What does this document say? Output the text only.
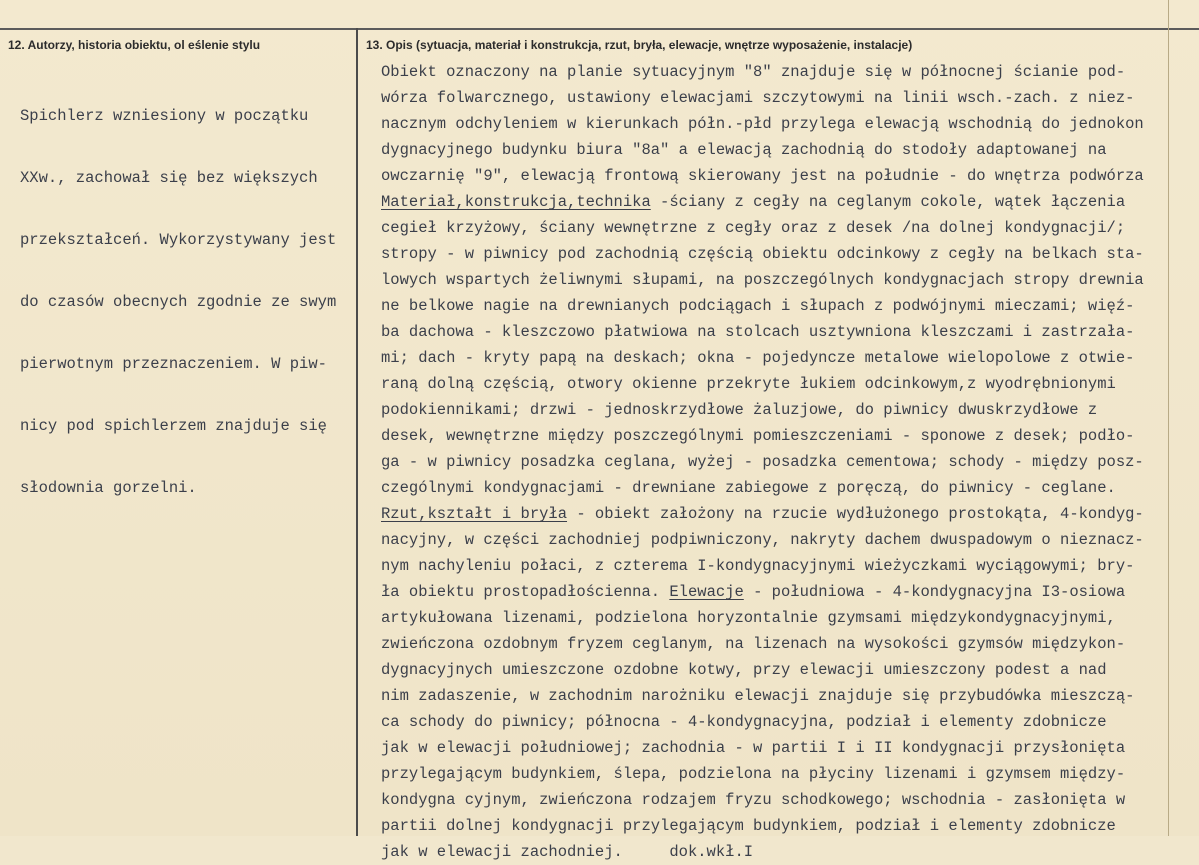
12. Autorzy, historia obiektu, ol eślenie stylu	13. Opis (sytuacja, materiał i konstrukcja, rzut, bryła, elewacje, wnętrze wyposażenie, instalacje)

Spichlerz wzniesiony w początku

XXw., zachował się bez większych

przekształceń. Wykorzystywany jest

do czasów obecnych zgodnie ze swym

pierwotnym przeznaczeniem. W piw-

nicy pod spichlerzem znajduje się

słodownia gorzelni.

Obiekt oznaczony na planie sytuacyjnym "8" znajduje się w północnej ścianie pod-
wórza folwarcznego, ustawiony elewacjami szczytowymi na linii wsch.-zach. z niez-
nacznym odchyleniem w kierunkach półn.-płd przylega elewacją wschodnią do jednokon
dygnacyjnego budynku biura "8a" a elewacją zachodnią do stodoły adaptowanej na
owczarnię "9", elewacją frontową skierowany jest na południe - do wnętrza podwórza
Materiał,konstrukcja,technika -ściany z cegły na ceglanym cokole, wątek łączenia
cegieł krzyżowy, ściany wewnętrzne z cegły oraz z desek /na dolnej kondygnacji/;
stropy - w piwnicy pod zachodnią częścią obiektu odcinkowy z cegły na belkach sta-
lowych wspartych żeliwnymi słupami, na poszczególnych kondygnacjach stropy drewnia
ne belkowe nagie na drewnianych podciągach i słupach z podwójnymi mieczami; więź-
ba dachowa - kleszczowo płatwiowa na stolcach usztywniona kleszczami i zastrzała-
mi; dach - kryty papą na deskach; okna - pojedyncze metalowe wielopolowe z otwie-
raną dolną częścią, otwory okienne przekryte łukiem odcinkowym,z wyodrębnionymi
podokiennikami; drzwi - jednoskrzydłowe żaluzjowe, do piwnicy dwuskrzydłowe z
desek, wewnętrzne między poszczególnymi pomieszczeniami - sponowe z desek; podło-
ga - w piwnicy posadzka ceglana, wyżej - posadzka cementowa; schody - między posz-
czególnymi kondygnacjami - drewniane zabiegowe z poręczą, do piwnicy - ceglane.
Rzut,kształt i bryła - obiekt założony na rzucie wydłużonego prostokąta, 4-kondyg-
nacyjny, w części zachodniej podpiwniczony, nakryty dachem dwuspadowym o nieznacz-
nym nachyleniu połaci, z czterema I-kondygnacyjnymi wieżyczkami wyciągowymi; bry-
ła obiektu prostopadłościenna. Elewacje - południowa - 4-kondygnacyjna I3-osiowa
artykułowana lizenami, podzielona horyzontalnie gzymsami międzykondygnacyjnymi,
zwieńczona ozdobnym fryzem ceglanym, na lizenach na wysokości gzymsów międzykon-
dygnacyjnych umieszczone ozdobne kotwy, przy elewacji umieszczony podest a nad
nim zadaszenie, w zachodnim narożniku elewacji znajduje się przybudówka mieszczą-
ca schody do piwnicy; północna - 4-kondygnacyjna, podział i elementy zdobnicze
jak w elewacji południowej; zachodnia - w partii I i II kondygnacji przysłonięta
przylegającym budynkiem, ślepa, podzielona na płyciny lizenami i gzymsem między-
kondygna cyjnym, zwieńczona rodzajem fryzu schodkowego; wschodnia - zasłonięta w
partii dolnej kondygnacji przylegającym budynkiem, podział i elementy zdobnicze
jak w elewacji zachodniej.     dok.wkł.I
